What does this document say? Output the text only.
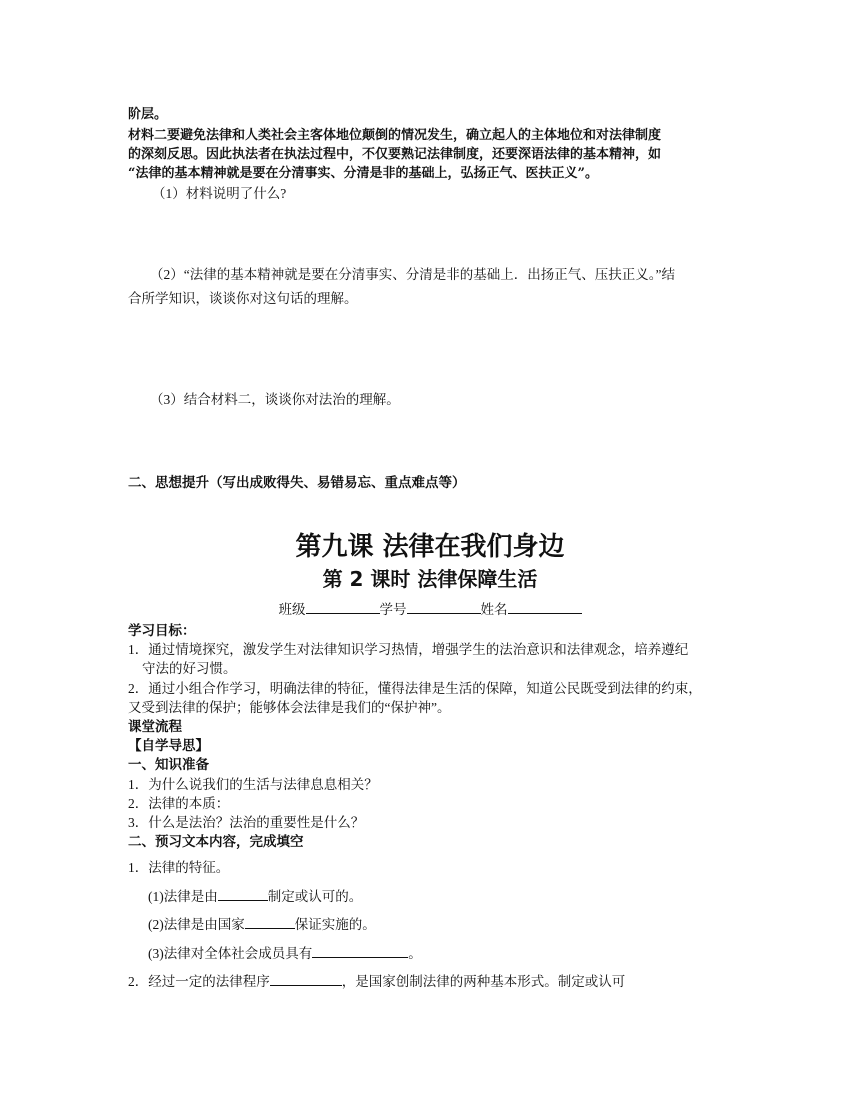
阶层。
材料二要避免法律和人类社会主客体地位颠倒的情况发生，确立起人的主体地位和对法律制度
的深刻反思。因此执法者在执法过程中，不仅要熟记法律制度，还要深语法律的基本精神，如
“法律的基本精神就是要在分清事实、分清是非的基础上，弘扬正气、医扶正义”。
（1）材料说明了什么?
（2）“法律的基本精神就是要在分清事实、分清是非的基础上．出扬正气、压扶正义。”结
合所学知识，谈谈你对这句话的理解。
（3）结合材料二，谈谈你对法治的理解。
二、思想提升（写出成败得失、易错易忘、重点难点等）
第九课 法律在我们身边
第 2 课时 法律保障生活
班级	学号	姓名
学习目标：
1．通过情境探究，激发学生对法律知识学习热情，增强学生的法治意识和法律观念，培养遵纪
守法的好习惯。
2．通过小组合作学习，明确法律的特征，懂得法律是生活的保障，知道公民既受到法律的约束，
又受到法律的保护；能够体会法律是我们的“保护神”。
课堂流程
【自学导思】
一、知识准备
1．为什么说我们的生活与法律息息相关？
2．法律的本质：
3．什么是法治？法治的重要性是什么？
二、预习文本内容，完成填空
1．法律的特征。
(1)法律是由	制定或认可的。
(2)法律是由国家	保证实施的。
(3)法律对全体社会成员具有	。
2．经过一定的法律程序	，是国家创制法律的两种基本形式。制定或认可
